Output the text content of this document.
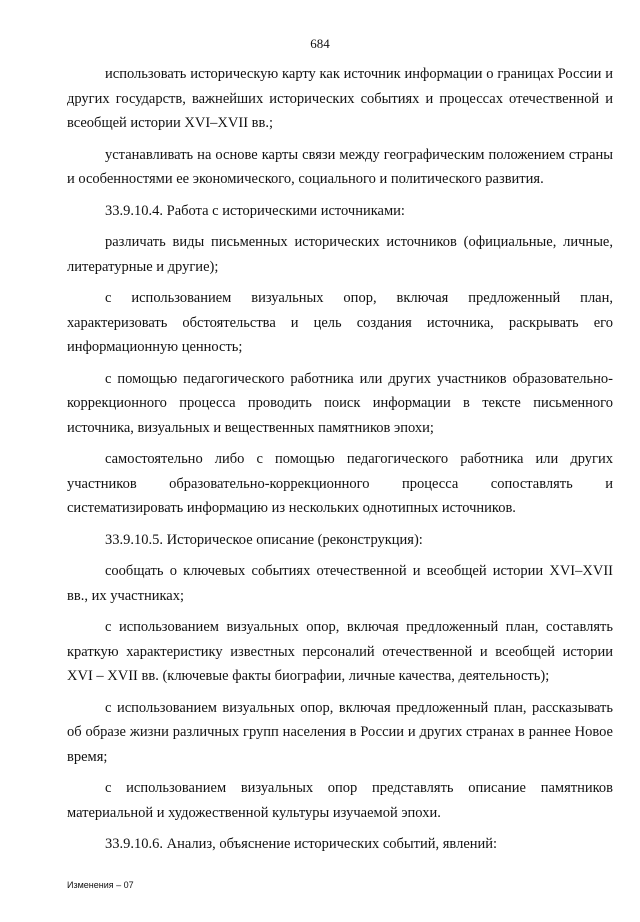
684

использовать историческую карту как источник информации о границах России и других государств, важнейших исторических событиях и процессах отечественной и всеобщей истории XVI–XVII вв.;

устанавливать на основе карты связи между географическим положением страны и особенностями ее экономического, социального и политического развития.

33.9.10.4. Работа с историческими источниками:

различать виды письменных исторических источников (официальные, личные, литературные и другие);

с использованием визуальных опор, включая предложенный план, характеризовать обстоятельства и цель создания источника, раскрывать его информационную ценность;

с помощью педагогического работника или других участников образовательно-коррекционного процесса проводить поиск информации в тексте письменного источника, визуальных и вещественных памятников эпохи;

самостоятельно либо с помощью педагогического работника или других участников образовательно-коррекционного процесса сопоставлять и систематизировать информацию из нескольких однотипных источников.

33.9.10.5. Историческое описание (реконструкция):

сообщать о ключевых событиях отечественной и всеобщей истории XVI–XVII вв., их участниках;

с использованием визуальных опор, включая предложенный план, составлять краткую характеристику известных персоналий отечественной и всеобщей истории XVI – XVII вв. (ключевые факты биографии, личные качества, деятельность);

с использованием визуальных опор, включая предложенный план, рассказывать об образе жизни различных групп населения в России и других странах в раннее Новое время;

с использованием визуальных опор представлять описание памятников материальной и художественной культуры изучаемой эпохи.

33.9.10.6. Анализ, объяснение исторических событий, явлений:

Изменения – 07
